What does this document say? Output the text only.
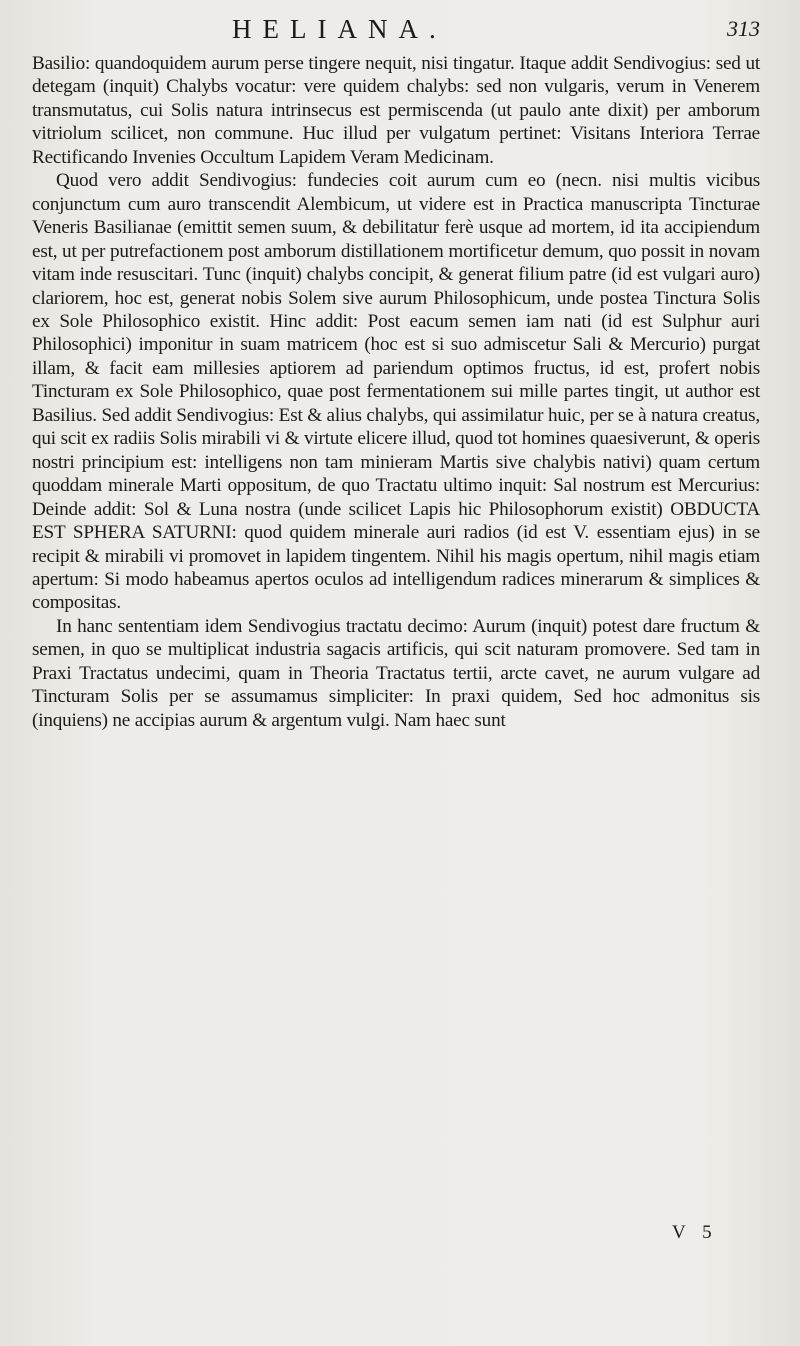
HELIANA.	313

Basilio: quandoquidem aurum perse tingere nequit, nisi tingatur. Itaque addit Sendivogius: sed ut detegam (inquit) Chalybs vocatur: vere quidem chalybs: sed non vulgaris, verum in Venerem transmutatus, cui Solis natura intrinsecus est permiscenda (ut paulo ante dixit) per amborum vitriolum scilicet, non commune. Huc illud per vulgatum pertinet: Visitans Interiora Terrae Rectificando Invenies Occultum Lapidem Veram Medicinam.

Quod vero addit Sendivogius: fundecies coit aurum cum eo (necn. nisi multis vicibus conjunctum cum auro transcendit Alembicum, ut videre est in Practica manuscripta Tincturae Veneris Basilianae (emittit semen suum, & debilitatur ferè usque ad mortem, id ita accipiendum est, ut per putrefactionem post amborum distillationem mortificetur demum, quo possit in novam vitam inde resuscitari. Tunc (inquit) chalybs concipit, & generat filium patre (id est vulgari auro) clariorem, hoc est, generat nobis Solem sive aurum Philosophicum, unde postea Tinctura Solis ex Sole Philosophico existit. Hinc addit: Post eacum semen iam nati (id est Sulphur auri Philosophici) imponitur in suam matricem (hoc est si suo admiscetur Sali & Mercurio) purgat illam, & facit eam millesies aptiorem ad pariendum optimos fructus, id est, profert nobis Tincturam ex Sole Philosophico, quae post fermentationem sui mille partes tingit, ut author est Basilius. Sed addit Sendivogius: Est & alius chalybs, qui assimilatur huic, per se à natura creatus, qui scit ex radiis Solis mirabili vi & virtute elicere illud, quod tot homines quaesiverunt, & operis nostri principium est: intelligens non tam minieram Martis sive chalybis nativi) quam certum quoddam minerale Marti oppositum, de quo Tractatu ultimo inquit: Sal nostrum est Mercurius: Deinde addit: Sol & Luna nostra (unde scilicet Lapis hic Philosophorum existit) OBDUCTA EST SPHERA SATURNI: quod quidem minerale auri radios (id est V. essentiam ejus) in se recipit & mirabili vi promovet in lapidem tingentem. Nihil his magis opertum, nihil magis etiam apertum: Si modo habeamus apertos oculos ad intelligendum radices minerarum & simplices & compositas.

In hanc sententiam idem Sendivogius tractatu decimo: Aurum (inquit) potest dare fructum & semen, in quo se multiplicat industria sagacis artificis, qui scit naturam promovere. Sed tam in Praxi Tractatus undecimi, quam in Theoria Tractatus tertii, arcte cavet, ne aurum vulgare ad Tincturam Solis per se assumamus simpliciter: In praxi quidem, Sed hoc admonitus sis (inquiens) ne accipias aurum & argentum vulgi. Nam haec sunt

V 5
